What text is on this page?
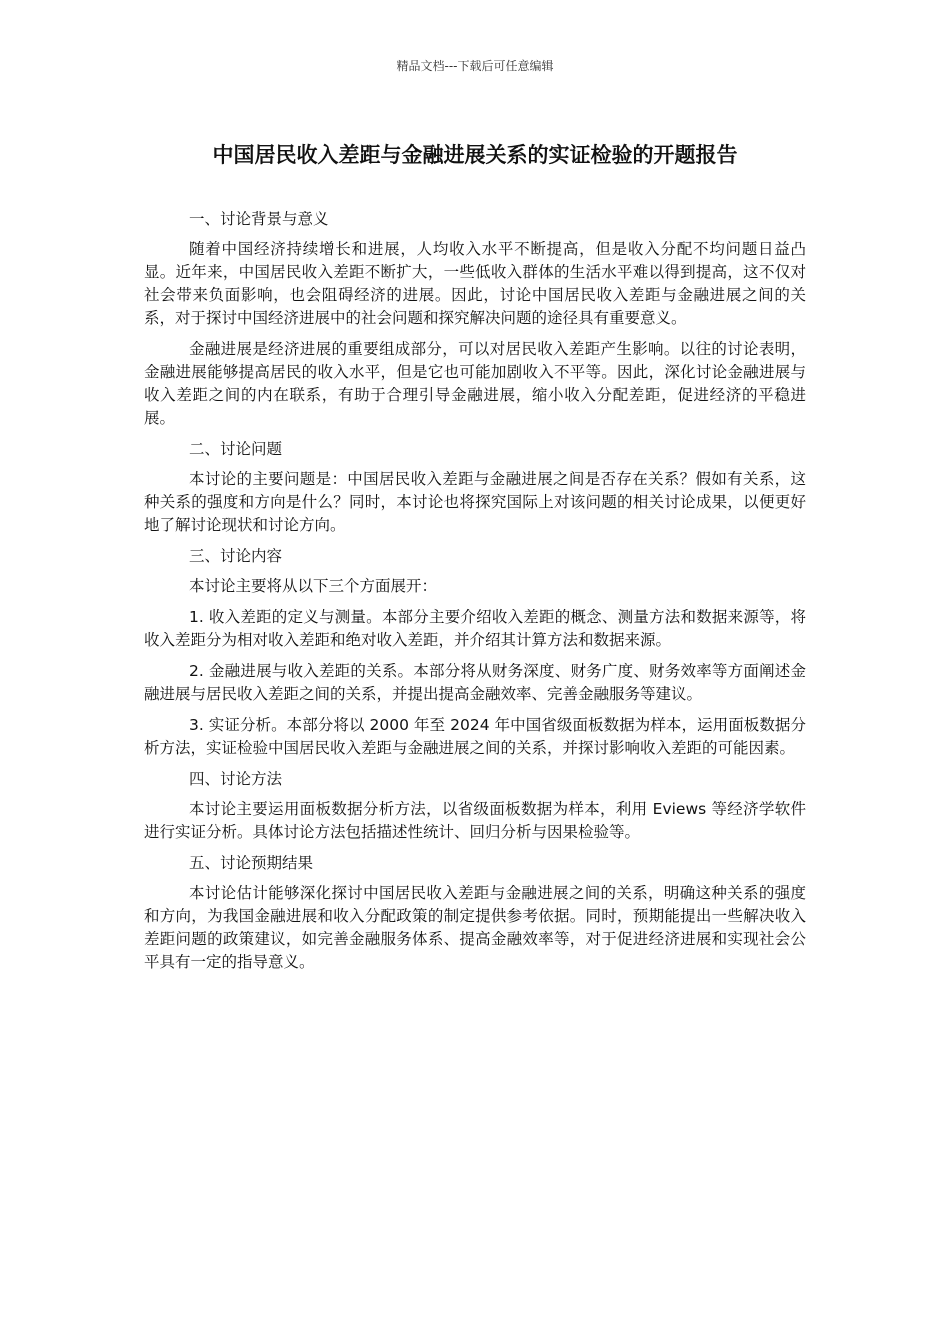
精品文档---下载后可任意编辑
中国居民收入差距与金融进展关系的实证检验的开题报告

一、讨论背景与意义

随着中国经济持续增长和进展，人均收入水平不断提高，但是收入分配不均问题日益凸显。近年来，中国居民收入差距不断扩大，一些低收入群体的生活水平难以得到提高，这不仅对社会带来负面影响，也会阻碍经济的进展。因此，讨论中国居民收入差距与金融进展之间的关系，对于探讨中国经济进展中的社会问题和探究解决问题的途径具有重要意义。

金融进展是经济进展的重要组成部分，可以对居民收入差距产生影响。以往的讨论表明，金融进展能够提高居民的收入水平，但是它也可能加剧收入不平等。因此，深化讨论金融进展与收入差距之间的内在联系，有助于合理引导金融进展，缩小收入分配差距，促进经济的平稳进展。

二、讨论问题

本讨论的主要问题是：中国居民收入差距与金融进展之间是否存在关系？假如有关系，这种关系的强度和方向是什么？同时，本讨论也将探究国际上对该问题的相关讨论成果，以便更好地了解讨论现状和讨论方向。

三、讨论内容

本讨论主要将从以下三个方面展开：

1. 收入差距的定义与测量。本部分主要介绍收入差距的概念、测量方法和数据来源等，将收入差距分为相对收入差距和绝对收入差距，并介绍其计算方法和数据来源。

2. 金融进展与收入差距的关系。本部分将从财务深度、财务广度、财务效率等方面阐述金融进展与居民收入差距之间的关系，并提出提高金融效率、完善金融服务等建议。

3. 实证分析。本部分将以 2000 年至 2024 年中国省级面板数据为样本，运用面板数据分析方法，实证检验中国居民收入差距与金融进展之间的关系，并探讨影响收入差距的可能因素。

四、讨论方法

本讨论主要运用面板数据分析方法，以省级面板数据为样本，利用 Eviews 等经济学软件进行实证分析。具体讨论方法包括描述性统计、回归分析与因果检验等。

五、讨论预期结果

本讨论估计能够深化探讨中国居民收入差距与金融进展之间的关系，明确这种关系的强度和方向，为我国金融进展和收入分配政策的制定提供参考依据。同时，预期能提出一些解决收入差距问题的政策建议，如完善金融服务体系、提高金融效率等，对于促进经济进展和实现社会公平具有一定的指导意义。
